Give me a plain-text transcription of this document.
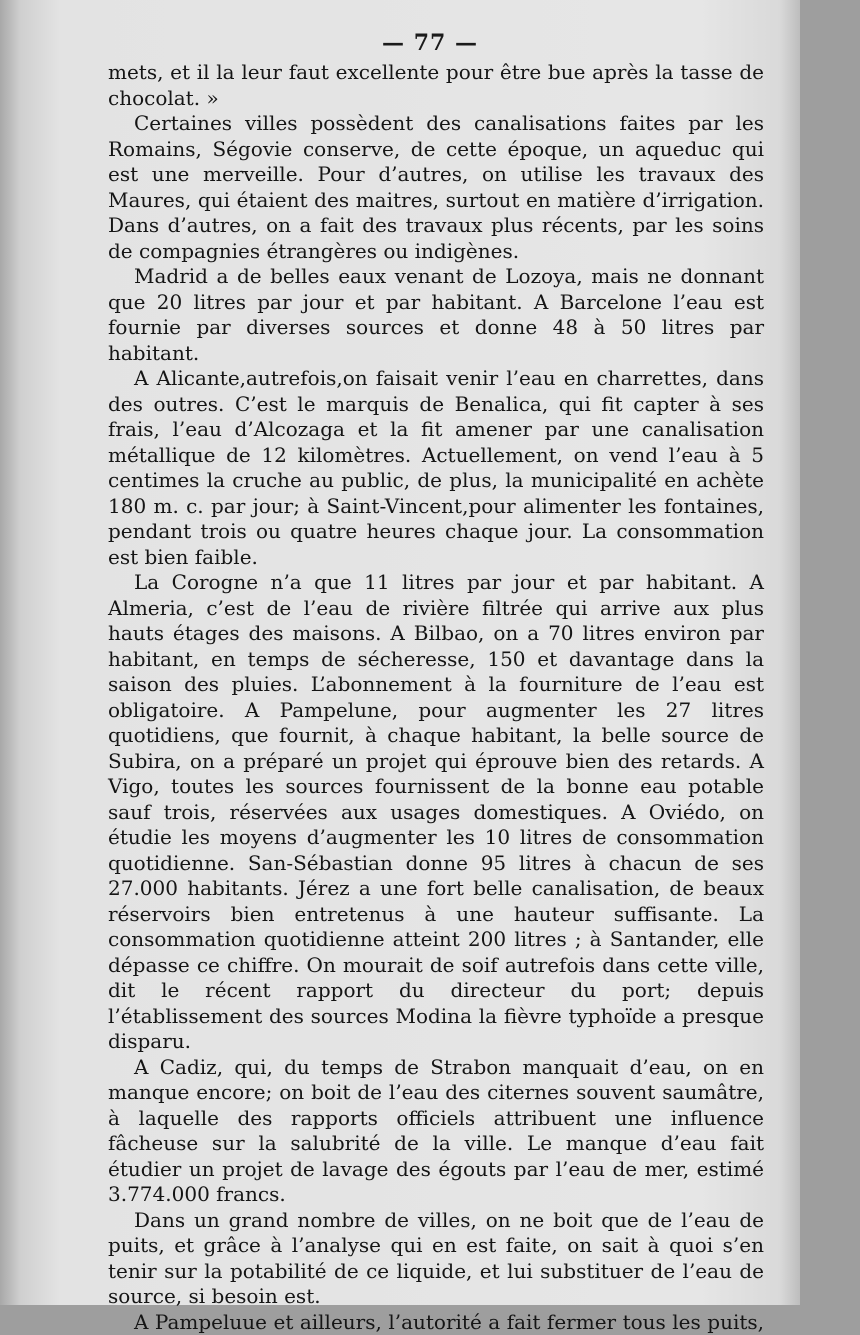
— 77 —

mets, et il la leur faut excellente pour être bue après la tasse de chocolat. »

Certaines villes possèdent des canalisations faites par les Romains, Ségovie conserve, de cette époque, un aqueduc qui est une merveille. Pour d’autres, on utilise les travaux des Maures, qui étaient des maitres, surtout en matière d’irrigation. Dans d’autres, on a fait des travaux plus récents, par les soins de compagnies étrangères ou indigènes.

Madrid a de belles eaux venant de Lozoya, mais ne donnant que 20 litres par jour et par habitant. A Barcelone l’eau est fournie par diverses sources et donne 48 à 50 litres par habitant.

A Alicante,autrefois,on faisait venir l’eau en charrettes, dans des outres. C’est le marquis de Benalica, qui fit capter à ses frais, l’eau d’Alcozaga et la fit amener par une canalisation métallique de 12 kilomètres. Actuellement, on vend l’eau à 5 centimes la cruche au public, de plus, la municipalité en achète 180 m. c. par jour; à Saint-Vincent,pour alimenter les fontaines, pendant trois ou quatre heures chaque jour. La consommation est bien faible.

La Corogne n’a que 11 litres par jour et par habitant. A Almeria, c’est de l’eau de rivière filtrée qui arrive aux plus hauts étages des maisons. A Bilbao, on a 70 litres environ par habitant, en temps de sécheresse, 150 et davantage dans la saison des pluies. L’abonnement à la fourniture de l’eau est obligatoire. A Pampelune, pour augmenter les 27 litres quotidiens, que fournit, à chaque habitant, la belle source de Subira, on a préparé un projet qui éprouve bien des retards. A Vigo, toutes les sources fournissent de la bonne eau potable sauf trois, réservées aux usages domestiques. A Oviédo, on étudie les moyens d’augmenter les 10 litres de consommation quotidienne. San-Sébastian donne 95 litres à chacun de ses 27.000 habitants. Jérez a une fort belle canalisation, de beaux réservoirs bien entretenus à une hauteur suffisante. La consommation quotidienne atteint 200 litres ; à Santander, elle dépasse ce chiffre. On mourait de soif autrefois dans cette ville, dit le récent rapport du directeur du port; depuis l’établissement des sources Modina la fièvre typhoïde a presque disparu.

A Cadiz, qui, du temps de Strabon manquait d’eau, on en manque encore; on boit de l’eau des citernes souvent saumâtre, à laquelle des rapports officiels attribuent une influence fâcheuse sur la salubrité de la ville. Le manque d’eau fait étudier un projet de lavage des égouts par l’eau de mer, estimé 3.774.000 francs.

Dans un grand nombre de villes, on ne boit que de l’eau de puits, et grâce à l’analyse qui en est faite, on sait à quoi s’en tenir sur la potabilité de ce liquide, et lui substituer de l’eau de source, si besoin est.

A Pampeluue et ailleurs, l’autorité a fait fermer tous les puits,
